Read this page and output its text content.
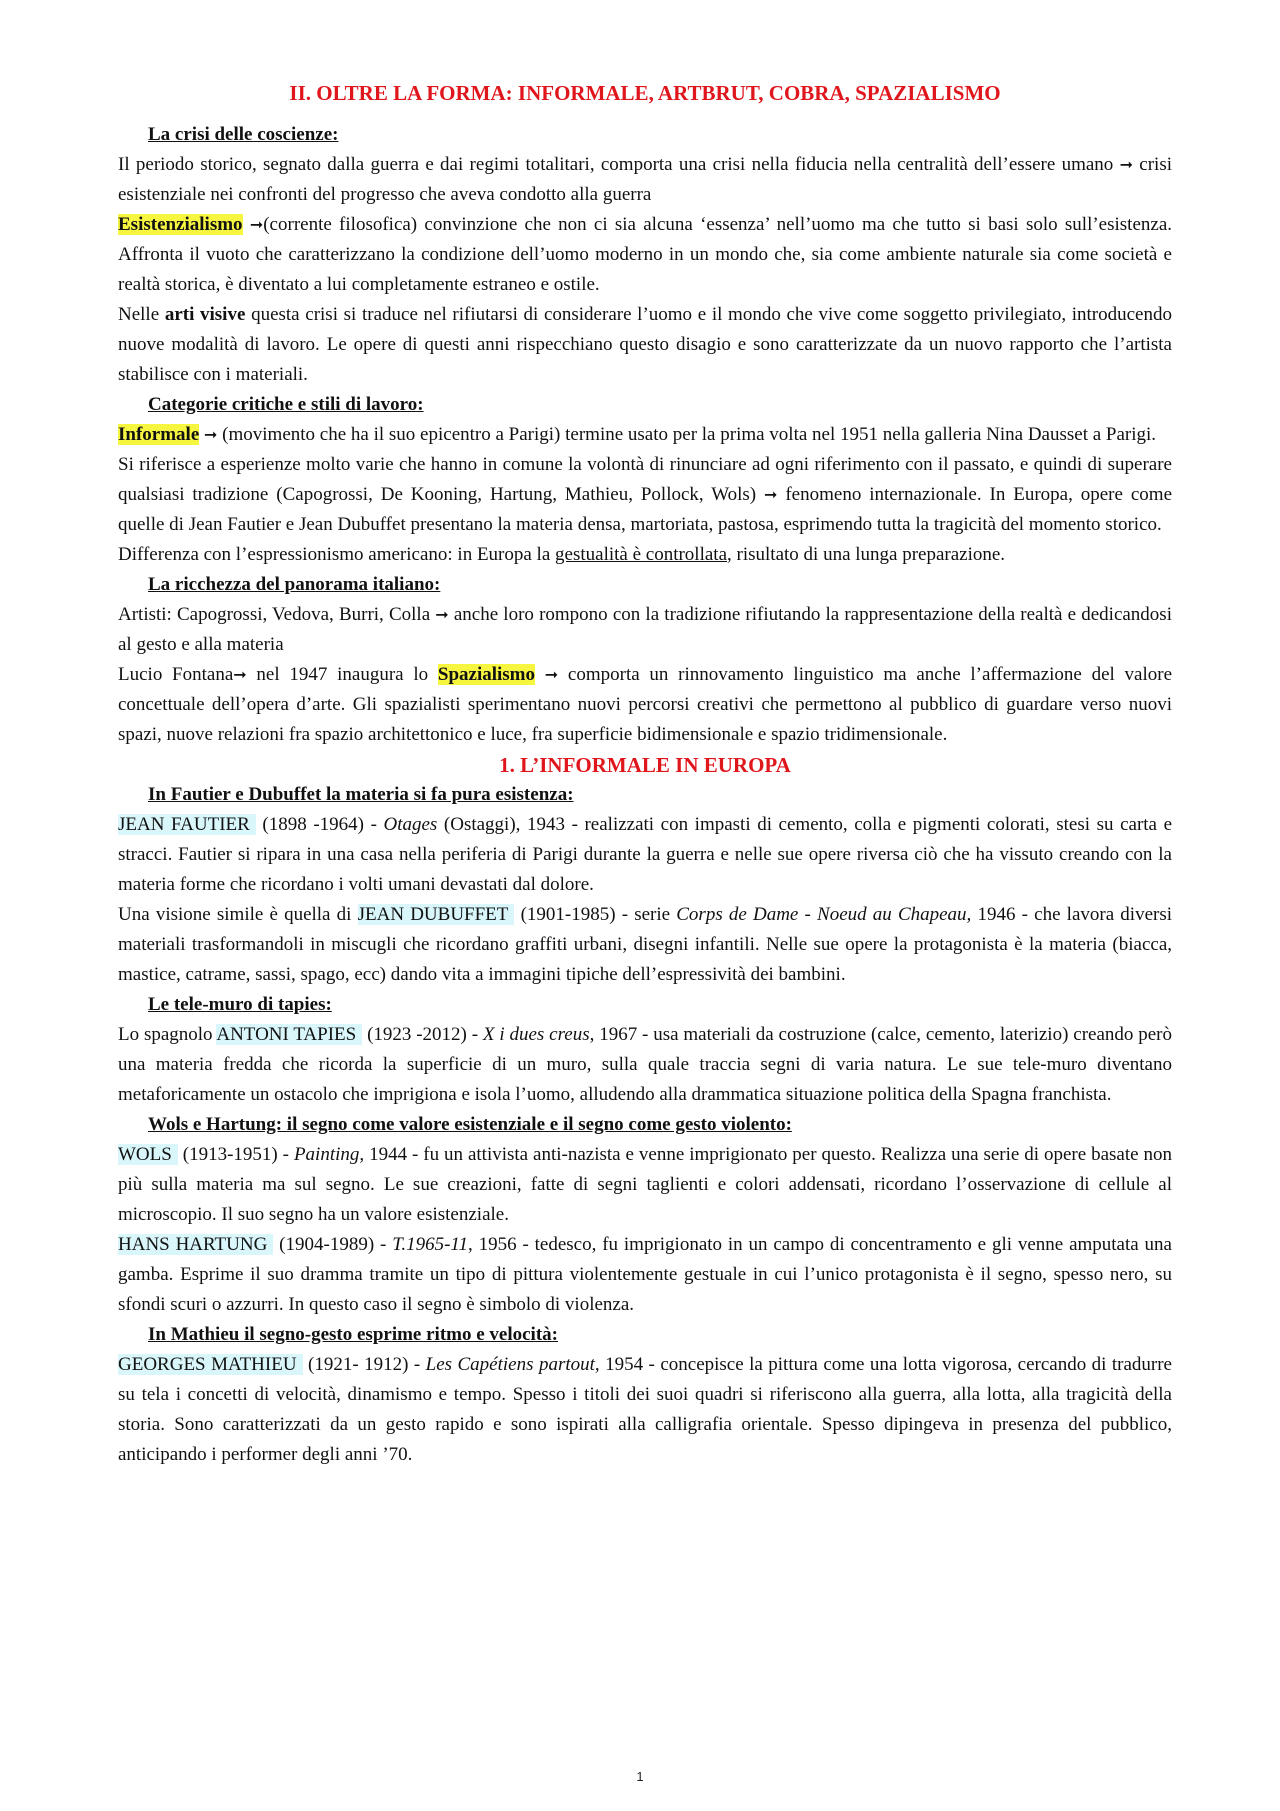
II. OLTRE LA FORMA: INFORMALE, ARTBRUT, COBRA, SPAZIALISMO

La crisi delle coscienze:

Il periodo storico, segnato dalla guerra e dai regimi totalitari, comporta una crisi nella fiducia nella centralità dell’essere umano ➞ crisi esistenziale nei confronti del progresso che aveva condotto alla guerra

Esistenzialismo ➞(corrente filosofica) convinzione che non ci sia alcuna ‘essenza’ nell’uomo ma che tutto si basi solo sull’esistenza. Affronta il vuoto che caratterizzano la condizione dell’uomo moderno in un mondo che, sia come ambiente naturale sia come società e realtà storica, è diventato a lui completamente estraneo e ostile.

Nelle arti visive questa crisi si traduce nel rifiutarsi di considerare l’uomo e il mondo che vive come soggetto privilegiato, introducendo nuove modalità di lavoro. Le opere di questi anni rispecchiano questo disagio e sono caratterizzate da un nuovo rapporto che l’artista stabilisce con i materiali.

Categorie critiche e stili di lavoro:

Informale ➞ (movimento che ha il suo epicentro a Parigi) termine usato per la prima volta nel 1951 nella galleria Nina Dausset a Parigi.

Si riferisce a esperienze molto varie che hanno in comune la volontà di rinunciare ad ogni riferimento con il passato, e quindi di superare qualsiasi tradizione (Capogrossi, De Kooning, Hartung, Mathieu, Pollock, Wols) ➞ fenomeno internazionale. In Europa, opere come quelle di Jean Fautier e Jean Dubuffet presentano la materia densa, martoriata, pastosa, esprimendo tutta la tragicità del momento storico.

Differenza con l’espressionismo americano: in Europa la gestualità è controllata, risultato di una lunga preparazione.

La ricchezza del panorama italiano:

Artisti: Capogrossi, Vedova, Burri, Colla ➞ anche loro rompono con la tradizione rifiutando la rappresentazione della realtà e dedicandosi al gesto e alla materia

Lucio Fontana➞ nel 1947 inaugura lo Spazialismo ➞ comporta un rinnovamento linguistico ma anche l’affermazione del valore concettuale dell’opera d’arte. Gli spazialisti sperimentano nuovi percorsi creativi che permettono al pubblico di guardare verso nuovi spazi, nuove relazioni fra spazio architettonico e luce, fra superficie bidimensionale e spazio tridimensionale.

1. L’INFORMALE IN EUROPA

In Fautier e Dubuffet la materia si fa pura esistenza:

JEAN FAUTIER (1898 -1964) - Otages (Ostaggi), 1943 - realizzati con impasti di cemento, colla e pigmenti colorati, stesi su carta e stracci. Fautier si ripara in una casa nella periferia di Parigi durante la guerra e nelle sue opere riversa ciò che ha vissuto creando con la materia forme che ricordano i volti umani devastati dal dolore.

Una visione simile è quella di JEAN DUBUFFET (1901-1985) - serie Corps de Dame - Noeud au Chapeau, 1946 - che lavora diversi materiali trasformandoli in miscugli che ricordano graffiti urbani, disegni infantili. Nelle sue opere la protagonista è la materia (biacca, mastice, catrame, sassi, spago, ecc) dando vita a immagini tipiche dell’espressività dei bambini.

Le tele-muro di tapies:

Lo spagnolo ANTONI TAPIES (1923 -2012) - X i dues creus, 1967 - usa materiali da costruzione (calce, cemento, laterizio) creando però una materia fredda che ricorda la superficie di un muro, sulla quale traccia segni di varia natura. Le sue tele-muro diventano metaforicamente un ostacolo che imprigiona e isola l’uomo, alludendo alla drammatica situazione politica della Spagna franchista.

Wols e Hartung: il segno come valore esistenziale e il segno come gesto violento:

WOLS (1913-1951) - Painting, 1944 - fu un attivista anti-nazista e venne imprigionato per questo. Realizza una serie di opere basate non più sulla materia ma sul segno. Le sue creazioni, fatte di segni taglienti e colori addensati, ricordano l’osservazione di cellule al microscopio. Il suo segno ha un valore esistenziale.

HANS HARTUNG (1904-1989) - T.1965-11, 1956 - tedesco, fu imprigionato in un campo di concentramento e gli venne amputata una gamba. Esprime il suo dramma tramite un tipo di pittura violentemente gestuale in cui l’unico protagonista è il segno, spesso nero, su sfondi scuri o azzurri. In questo caso il segno è simbolo di violenza.

In Mathieu il segno-gesto esprime ritmo e velocità:

GEORGES MATHIEU (1921- 1912) - Les Capétiens partout, 1954 - concepisce la pittura come una lotta vigorosa, cercando di tradurre su tela i concetti di velocità, dinamismo e tempo. Spesso i titoli dei suoi quadri si riferiscono alla guerra, alla lotta, alla tragicità della storia. Sono caratterizzati da un gesto rapido e sono ispirati alla calligrafia orientale. Spesso dipingeva in presenza del pubblico, anticipando i performer degli anni ’70.

1
